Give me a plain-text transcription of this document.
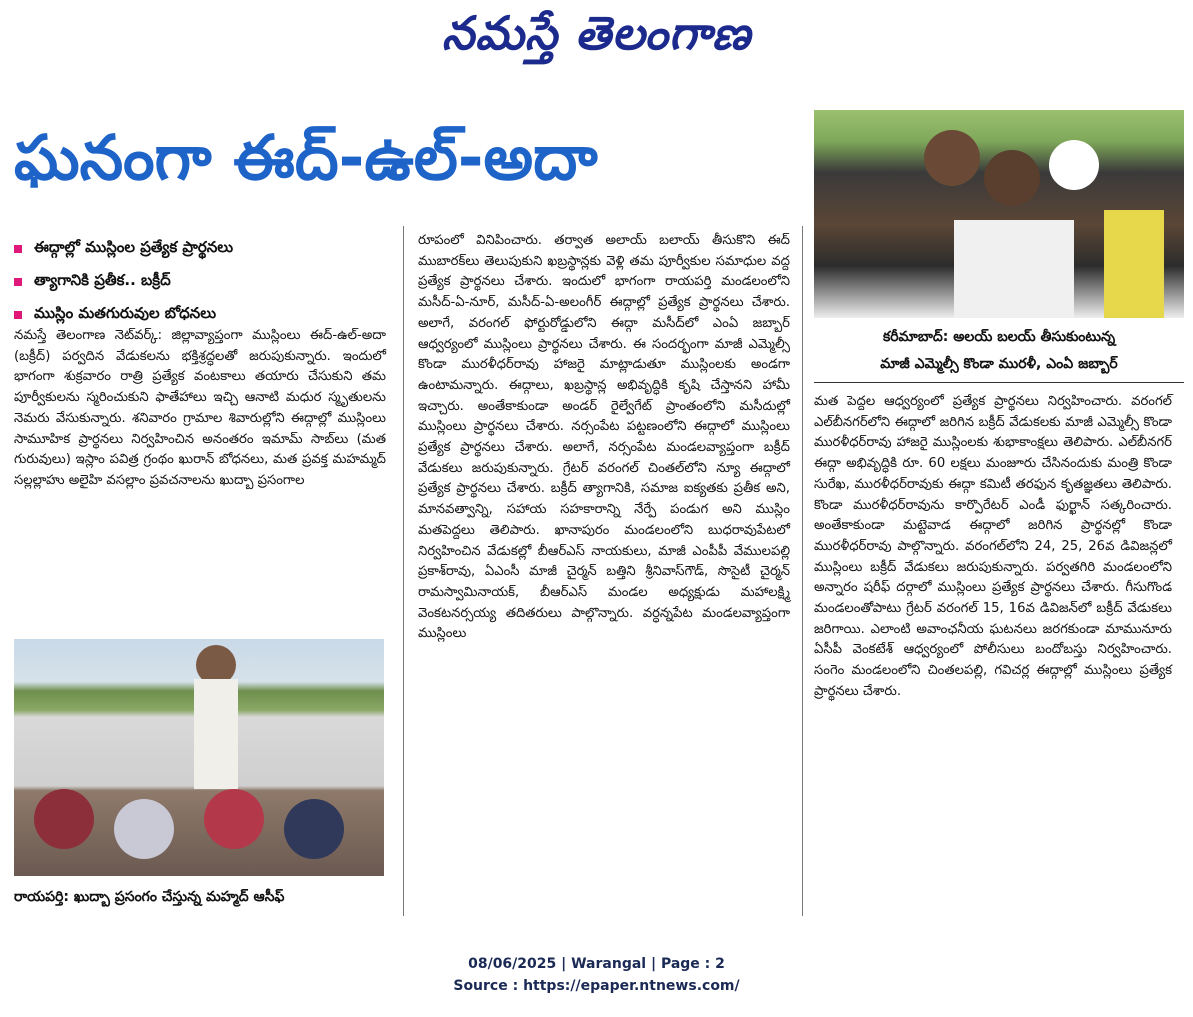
నమస్తే తెలంగాణ
ఘనంగా ఈద్-ఉల్-అదా
ఈద్గాల్లో ముస్లింల ప్రత్యేక ప్రార్థనలు
త్యాగానికి ప్రతీక.. బక్రీద్
ముస్లిం మతగురువుల బోధనలు

నమస్తే తెలంగాణ నెట్‌వర్క్: జిల్లావ్యాప్తంగా ముస్లింలు ఈద్-ఉల్-అదా (బక్రీద్) పర్వదిన వేడుకలను భక్తిశ్రద్ధలతో జరుపుకున్నారు. ఇందులో భాగంగా శుక్రవారం రాత్రి ప్రత్యేక వంటకాలు తయారు చేసుకుని తమ పూర్వీకులను స్మరించుకుని ఫాతేహాలు ఇచ్చి ఆనాటి మధుర స్మృతులను నెమరు వేసుకున్నారు. శనివారం గ్రామాల శివారుల్లోని ఈద్గాల్లో ముస్లింలు సామూహిక ప్రార్థనలు నిర్వహించిన అనంతరం ఇమామ్ సాబ్‌లు (మత గురువులు) ఇస్లాం పవిత్ర గ్రంథం ఖురాన్ బోధనలు, మత ప్రవక్త మహమ్మద్ సల్లల్లాహు అలైహి వసల్లాం ప్రవచనాలను ఖుద్బా ప్రసంగాల

రాయపర్తి: ఖుద్బా ప్రసంగం చేస్తున్న మహ్మద్ ఆసీఫ్

రూపంలో వినిపించారు. తర్వాత అలాయ్ బలాయ్ తీసుకొని ఈద్ ముబారక్‌లు తెలుపుకుని ఖబ్రస్థాన్లకు వెళ్లి తమ పూర్వీకుల సమాధుల వద్ద ప్రత్యేక ప్రార్థనలు చేశారు. ఇందులో భాగంగా రాయపర్తి మండలంలోని మసీద్-ఏ-నూర్, మసీద్-ఏ-అలంగీర్ ఈద్గాల్లో ప్రత్యేక ప్రార్థనలు చేశారు. అలాగే, వరంగల్ ఫోర్టురోడ్డులోని ఈద్గా మసీద్‌లో ఎంఏ జబ్బార్ ఆధ్వర్యంలో ముస్లింలు ప్రార్థనలు చేశారు. ఈ సందర్భంగా మాజీ ఎమ్మెల్సీ కొండా మురళీధర్‌రావు హాజరై మాట్లాడుతూ ముస్లింలకు అండగా ఉంటామన్నారు. ఈద్గాలు, ఖబ్రస్థాన్ల అభివృద్ధికి కృషి చేస్తానని హామీ ఇచ్చారు. అంతేకాకుండా అండర్ రైల్వేగేట్ ప్రాంతంలోని మసీదుల్లో ముస్లింలు ప్రార్థనలు చేశారు. నర్సంపేట పట్టణంలోని ఈద్గాలో ముస్లింలు ప్రత్యేక ప్రార్థనలు చేశారు. అలాగే, నర్సంపేట మండలవ్యాప్తంగా బక్రీద్ వేడుకలు జరుపుకున్నారు. గ్రేటర్ వరంగల్ చింతల్‌లోని న్యూ ఈద్గాలో ప్రత్యేక ప్రార్థనలు చేశారు. బక్రీద్ త్యాగానికి, సమాజ ఐక్యతకు ప్రతీక అని, మానవత్వాన్ని, సహాయ సహకారాన్ని నేర్పే పండుగ అని ముస్లిం మతపెద్దలు తెలిపారు. ఖానాపురం మండలంలోని బుధరావుపేటలో నిర్వహించిన వేడుకల్లో బీఆర్‌ఎస్ నాయకులు, మాజీ ఎంపీపీ వేములపల్లి ప్రకాశ్‌రావు, ఏఎంసీ మాజీ చైర్మన్ బత్తిని శ్రీనివాస్‌గౌడ్, సొసైటీ చైర్మన్ రామస్వామినాయక్, బీఆర్‌ఎస్ మండల అధ్యక్షుడు మహాలక్ష్మి వెంకటనర్సయ్య తదితరులు పాల్గొన్నారు. వర్ధన్నపేట మండలవ్యాప్తంగా ముస్లింలు

కరీమాబాద్: అలయ్ బలయ్ తీసుకుంటున్న
మాజీ ఎమ్మెల్సీ కొండా మురళీ, ఎంఏ జబ్బార్

మత పెద్దల ఆధ్వర్యంలో ప్రత్యేక ప్రార్థనలు నిర్వహించారు. వరంగల్ ఎల్‌బీనగర్‌లోని ఈద్గాలో జరిగిన బక్రీద్ వేడుకలకు మాజీ ఎమ్మెల్సీ కొండా మురళీధర్‌రావు హాజరై ముస్లింలకు శుభాకాంక్షలు తెలిపారు. ఎల్‌బీనగర్ ఈద్గా అభివృద్ధికి రూ. 60 లక్షలు మంజూరు చేసినందుకు మంత్రి కొండా సురేఖ, మురళీధర్‌రావుకు ఈద్గా కమిటీ తరఫున కృతజ్ఞతలు తెలిపారు. కొండా మురళీధర్‌రావును కార్పొరేటర్ ఎండీ ఫుర్ఖాన్ సత్కరించారు. అంతేకాకుండా మట్టెవాడ ఈద్గాలో జరిగిన ప్రార్థనల్లో కొండా మురళీధర్‌రావు పాల్గొన్నారు. వరంగల్‌లోని 24, 25, 26వ డివిజన్లలో ముస్లింలు బక్రీద్ వేడుకలు జరుపుకున్నారు. పర్వతగిరి మండలంలోని అన్నారం షరీఫ్ దర్గాలో ముస్లింలు ప్రత్యేక ప్రార్థనలు చేశారు. గీసుగొండ మండలంతోపాటు గ్రేటర్ వరంగల్ 15, 16వ డివిజన్‌లో బక్రీద్ వేడుకలు జరిగాయి. ఎలాంటి అవాంఛనీయ ఘటనలు జరగకుండా మామునూరు ఏసీపీ వెంకటేశ్ ఆధ్వర్యంలో పోలీసులు బందోబస్తు నిర్వహించారు. సంగెం మండలంలోని చింతలపల్లి, గవిచర్ల ఈద్గాల్లో ముస్లింలు ప్రత్యేక ప్రార్థనలు చేశారు.

08/06/2025 | Warangal | Page : 2
Source : https://epaper.ntnews.com/
